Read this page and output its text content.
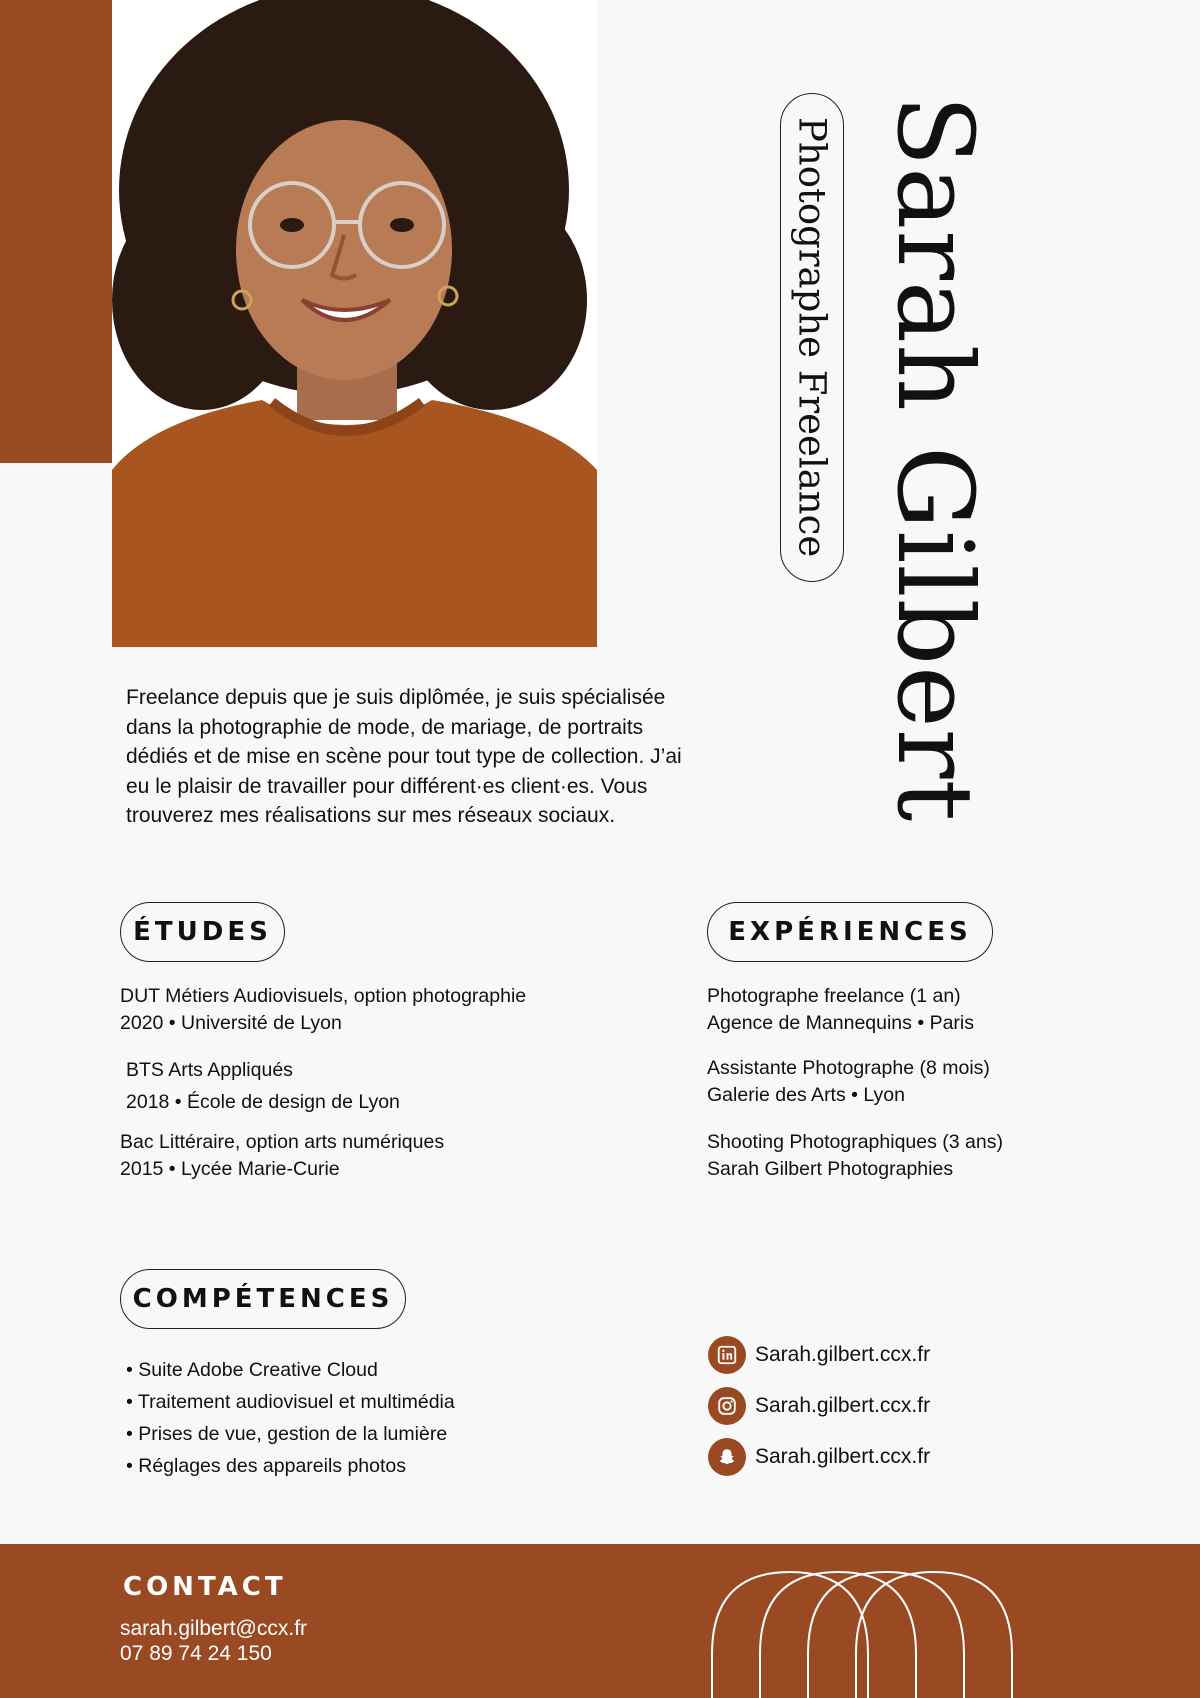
Sarah Gilbert
Photographe Freelance

Freelance depuis que je suis diplômée, je suis spécialisée dans la photographie de mode, de mariage, de portraits dédiés et de mise en scène pour tout type de collection. J’ai eu le plaisir de travailler pour différent·es client·es. Vous trouverez mes réalisations sur mes réseaux sociaux.

ÉTUDES
DUT Métiers Audiovisuels, option photographie
2020 • Université de Lyon
BTS Arts Appliqués
2018 • École de design de Lyon
Bac Littéraire, option arts numériques
2015 • Lycée Marie-Curie
EXPÉRIENCES
Photographe freelance (1 an)
Agence de Mannequins • Paris
Assistante Photographe (8 mois)
Galerie des Arts • Lyon
Shooting Photographiques (3 ans)
Sarah Gilbert Photographies
COMPÉTENCES
• Suite Adobe Creative Cloud
• Traitement audiovisuel et multimédia
• Prises de vue, gestion de la lumière
• Réglages des appareils photos
Sarah.gilbert.ccx.fr
Sarah.gilbert.ccx.fr
Sarah.gilbert.ccx.fr
CONTACT
sarah.gilbert@ccx.fr
07 89 74 24 150
